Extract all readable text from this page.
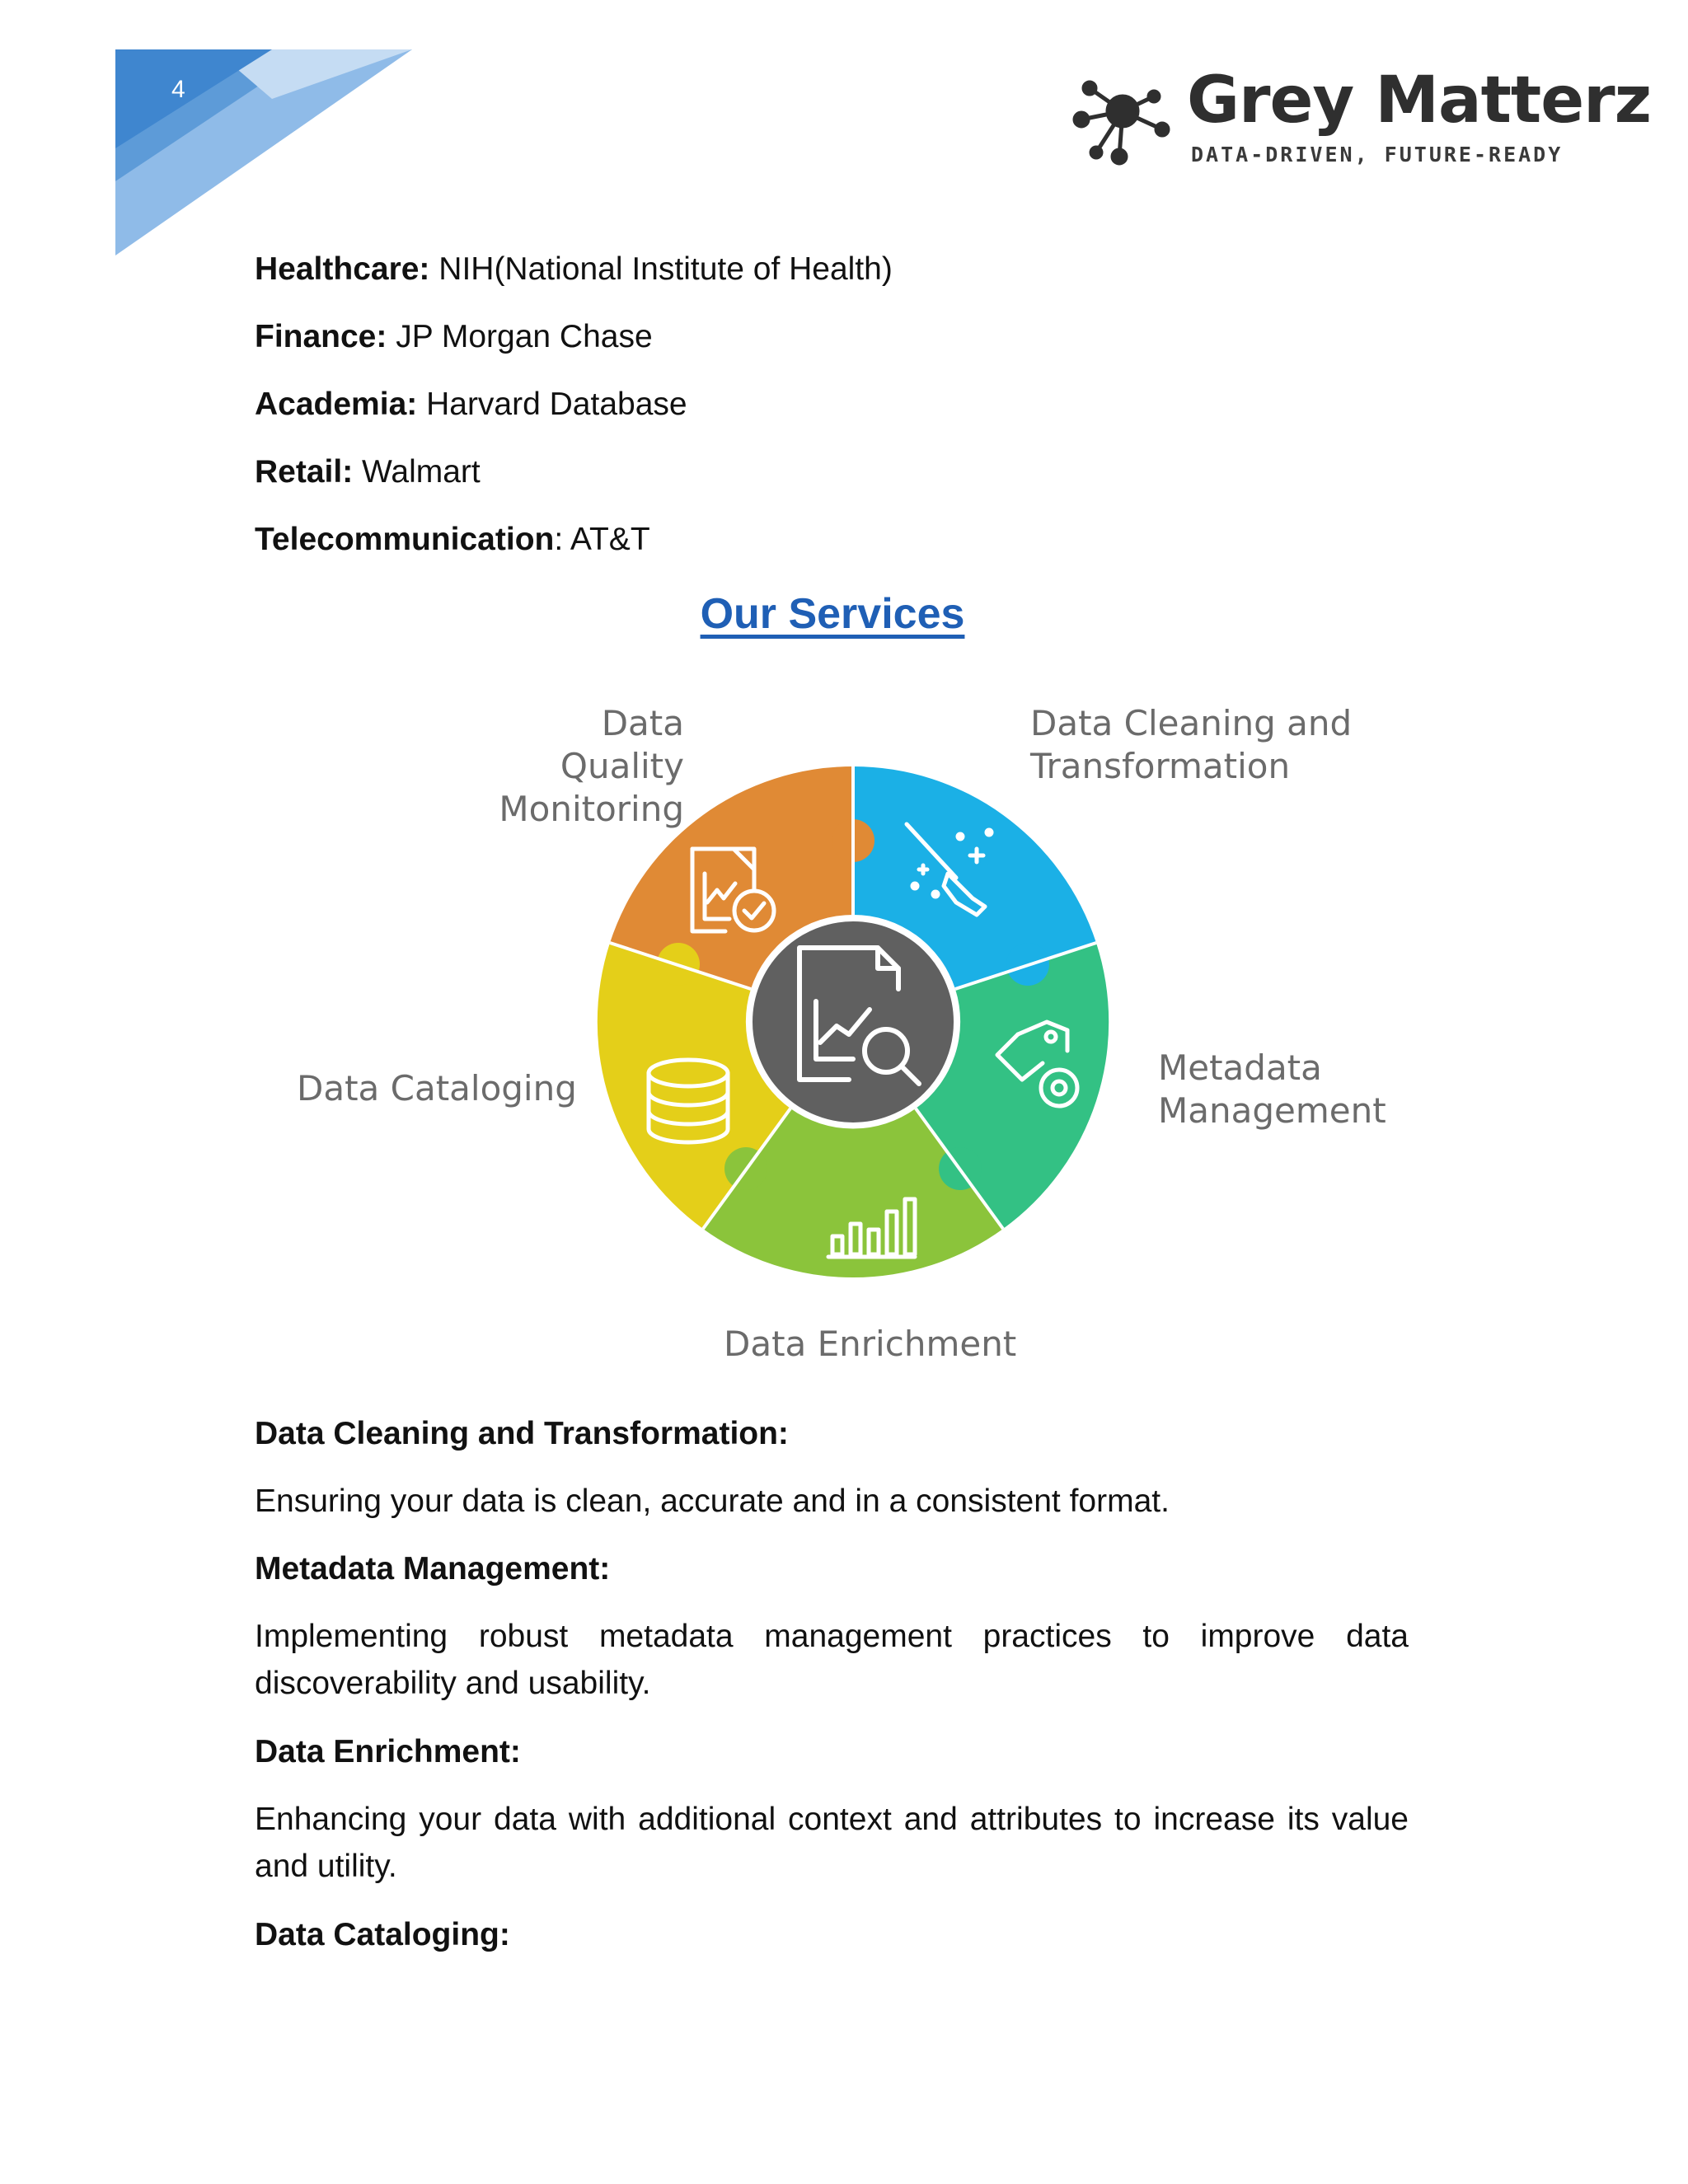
4	Grey Matterz
DATA-DRIVEN, FUTURE-READY
Healthcare: NIH(National Institute of Health)
Finance: JP Morgan Chase
Academia: Harvard Database
Retail: Walmart
Telecommunication: AT&T
Our Services
Data Quality
Monitoring
Data Cleaning and
Transformation
Metadata
Management
Data Enrichment
Data Cataloging
Data Cleaning and Transformation:
Ensuring your data is clean, accurate and in a consistent format.
Metadata Management:
Implementing robust metadata management practices to improve data discoverability and usability.
Data Enrichment:
Enhancing your data with additional context and attributes to increase its value and utility.
Data Cataloging:
